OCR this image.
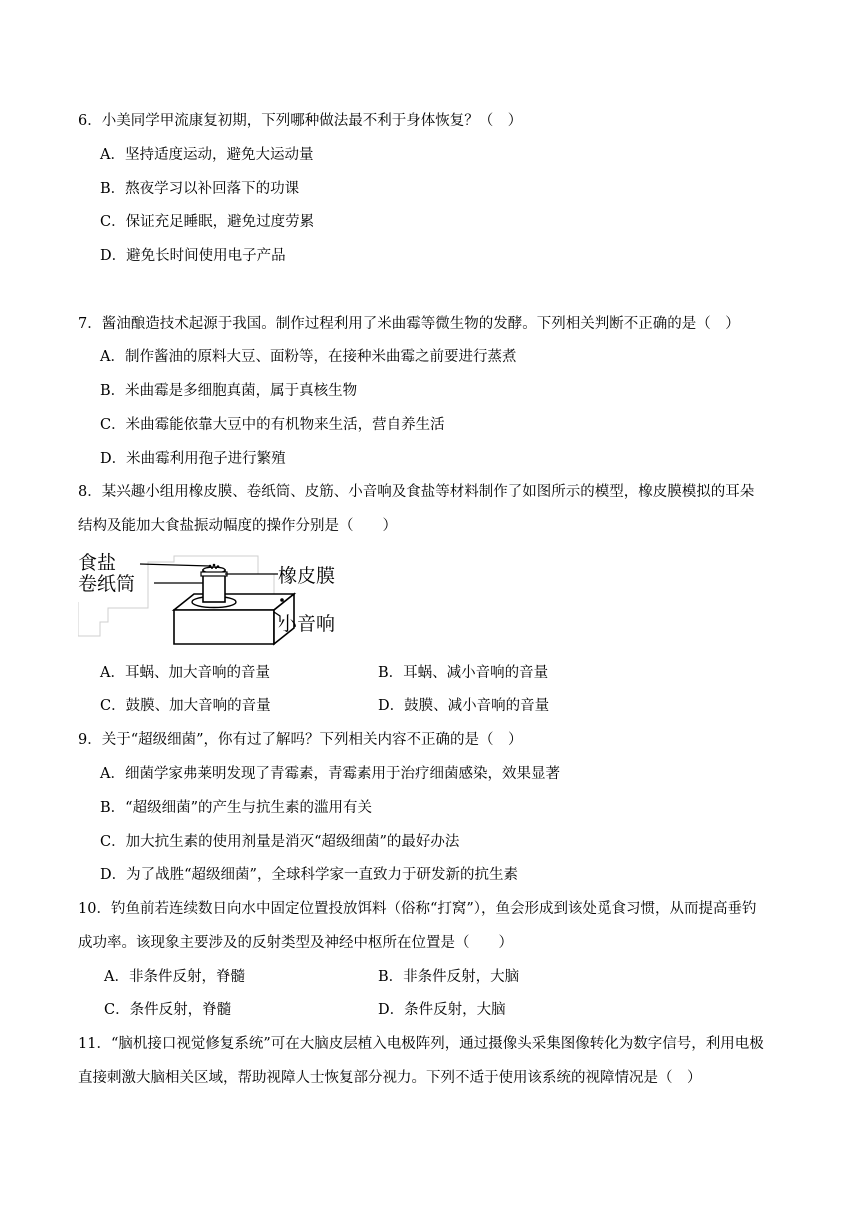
6．小美同学甲流康复初期，下列哪种做法最不利于身体恢复？（　）
A．坚持适度运动，避免大运动量
B．熬夜学习以补回落下的功课
C．保证充足睡眠，避免过度劳累
D．避免长时间使用电子产品
7．酱油酿造技术起源于我国。制作过程利用了米曲霉等微生物的发酵。下列相关判断不正确的是（　）
A．制作酱油的原料大豆、面粉等，在接种米曲霉之前要进行蒸煮
B．米曲霉是多细胞真菌，属于真核生物
C．米曲霉能依靠大豆中的有机物来生活，营自养生活
D．米曲霉利用孢子进行繁殖
8．某兴趣小组用橡皮膜、卷纸筒、皮筋、小音响及食盐等材料制作了如图所示的模型，橡皮膜模拟的耳朵
结构及能加大食盐振动幅度的操作分别是（　　）
食盐
卷纸筒	橡皮膜
小音响
A．耳蜗、加大音响的音量	B．耳蜗、减小音响的音量
C．鼓膜、加大音响的音量	D．鼓膜、减小音响的音量
9．关于“超级细菌”，你有过了解吗？下列相关内容不正确的是（　）
A．细菌学家弗莱明发现了青霉素，青霉素用于治疗细菌感染，效果显著
B．“超级细菌”的产生与抗生素的滥用有关
C．加大抗生素的使用剂量是消灭“超级细菌”的最好办法
D．为了战胜“超级细菌”，全球科学家一直致力于研发新的抗生素
10．钓鱼前若连续数日向水中固定位置投放饵料（俗称“打窝”），鱼会形成到该处觅食习惯，从而提高垂钓
成功率。该现象主要涉及的反射类型及神经中枢所在位置是（　　）
A．非条件反射，脊髓	B．非条件反射，大脑
C．条件反射，脊髓	D．条件反射，大脑
11．“脑机接口视觉修复系统”可在大脑皮层植入电极阵列，通过摄像头采集图像转化为数字信号，利用电极
直接刺激大脑相关区域，帮助视障人士恢复部分视力。下列不适于使用该系统的视障情况是（　）
